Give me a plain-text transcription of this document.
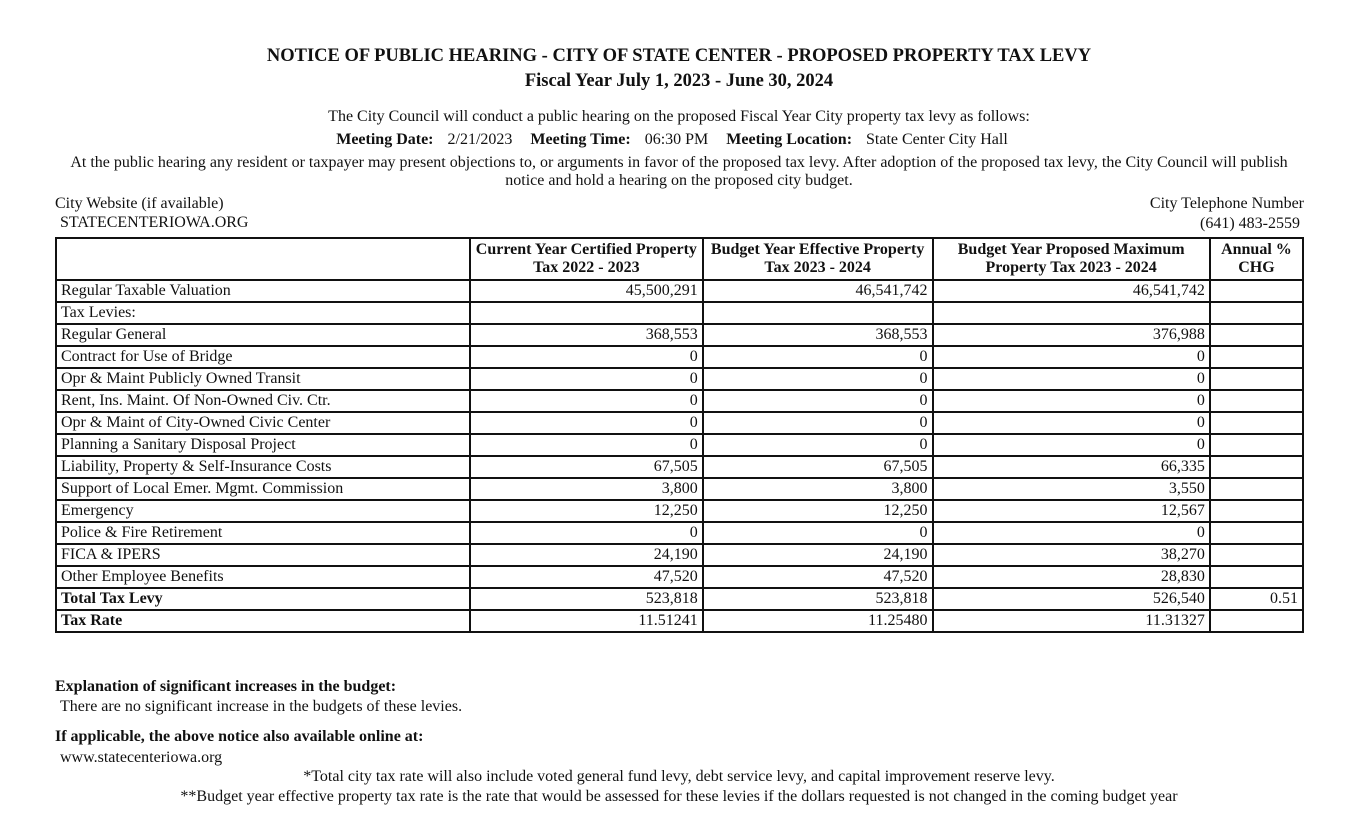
NOTICE OF PUBLIC HEARING - CITY OF STATE CENTER - PROPOSED PROPERTY TAX LEVY
Fiscal Year July 1, 2023 - June 30, 2024
The City Council will conduct a public hearing on the proposed Fiscal Year City property tax levy as follows:
Meeting Date: 2/21/2023 Meeting Time: 06:30 PM Meeting Location: State Center City Hall
At the public hearing any resident or taxpayer may present objections to, or arguments in favor of the proposed tax levy. After adoption of the proposed tax levy, the City Council will publish notice and hold a hearing on the proposed city budget.
City Website (if available)
STATECENTERIOWA.ORG
City Telephone Number
(641) 483-2559
	Current Year Certified Property Tax 2022 - 2023	Budget Year Effective Property Tax 2023 - 2024	Budget Year Proposed Maximum Property Tax 2023 - 2024	Annual % CHG
Regular Taxable Valuation	45,500,291	46,541,742	46,541,742	
Tax Levies:				
Regular General	368,553	368,553	376,988	
Contract for Use of Bridge	0	0	0	
Opr & Maint Publicly Owned Transit	0	0	0	
Rent, Ins. Maint. Of Non-Owned Civ. Ctr.	0	0	0	
Opr & Maint of City-Owned Civic Center	0	0	0	
Planning a Sanitary Disposal Project	0	0	0	
Liability, Property & Self-Insurance Costs	67,505	67,505	66,335	
Support of Local Emer. Mgmt. Commission	3,800	3,800	3,550	
Emergency	12,250	12,250	12,567	
Police & Fire Retirement	0	0	0	
FICA & IPERS	24,190	24,190	38,270	
Other Employee Benefits	47,520	47,520	28,830	
Total Tax Levy	523,818	523,818	526,540	0.51
Tax Rate	11.51241	11.25480	11.31327	
Explanation of significant increases in the budget:
There are no significant increase in the budgets of these levies.
If applicable, the above notice also available online at:
www.statecenteriowa.org
*Total city tax rate will also include voted general fund levy, debt service levy, and capital improvement reserve levy.
**Budget year effective property tax rate is the rate that would be assessed for these levies if the dollars requested is not changed in the coming budget year
